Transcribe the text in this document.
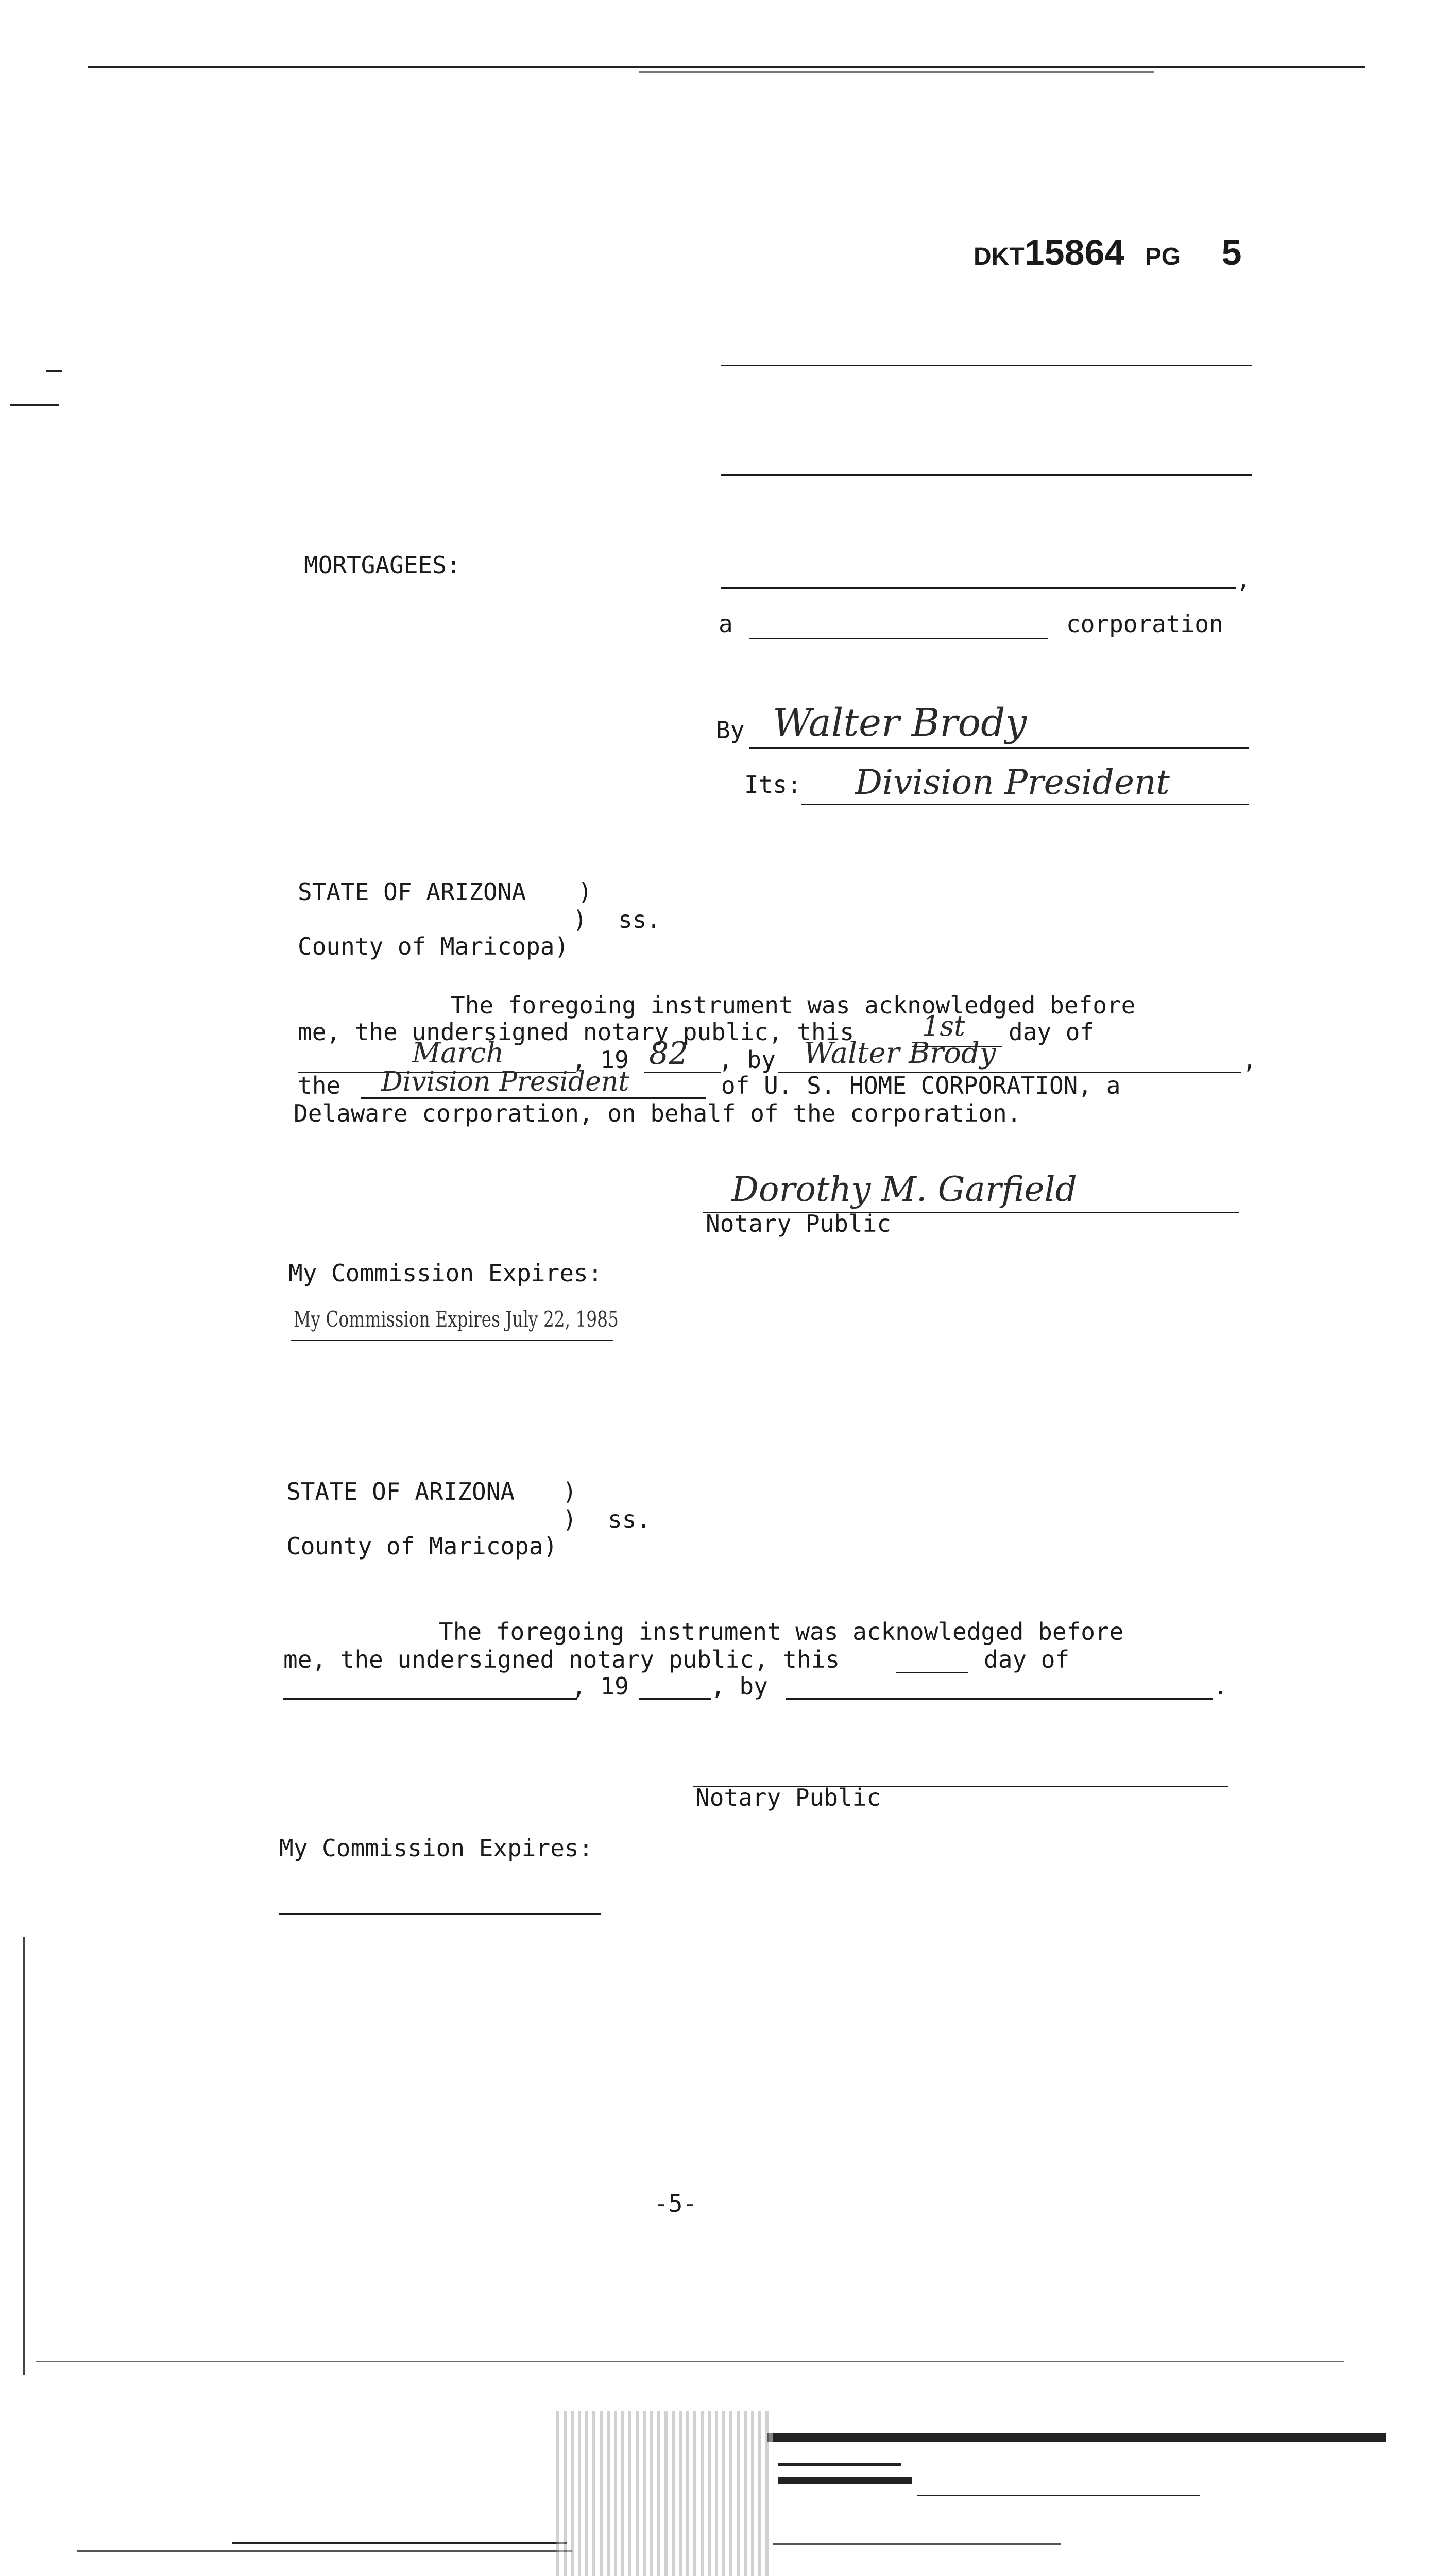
DKT15864 PG 5
MORTGAGEES:
,
a	corporation
By Walter Brody
Its: Division President
STATE OF ARIZONA )
) ss.
County of Maricopa)
The foregoing instrument was acknowledged before
me, the undersigned notary public, this 1st day of
March	, 19 82 , by Walter Brody	,
the Division President	of U. S. HOME CORPORATION, a
Delaware corporation, on behalf of the corporation.
Dorothy M. Garfield
Notary Public
My Commission Expires:
My Commission Expires July 22, 1985
STATE OF ARIZONA )
) ss.
County of Maricopa)
The foregoing instrument was acknowledged before
me, the undersigned notary public, this	day of
, 19	, by	.
Notary Public
My Commission Expires:
-5-
